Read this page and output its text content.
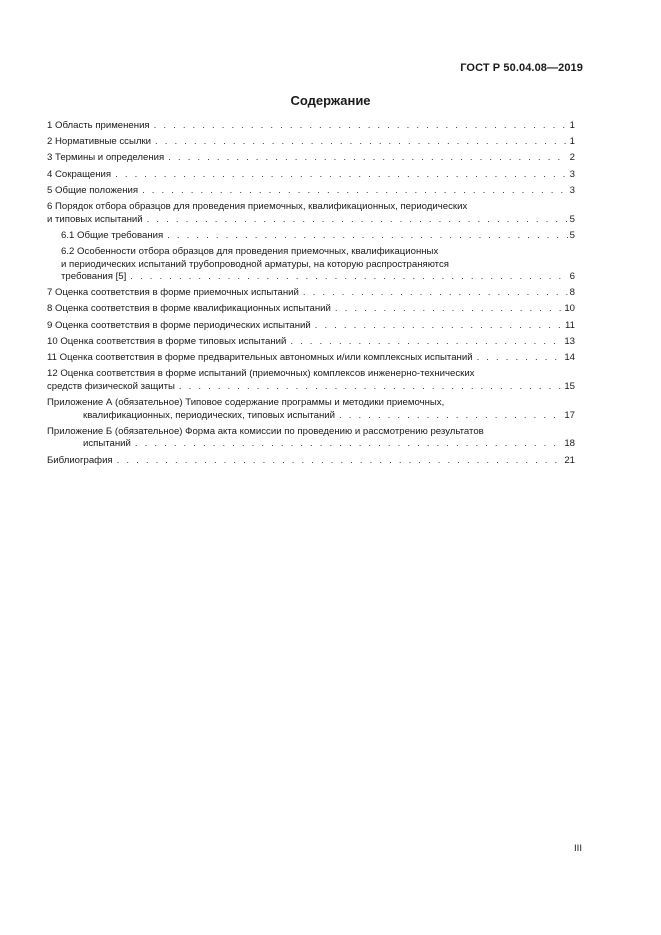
ГОСТ Р 50.04.08—2019
Содержание
1 Область применения . . .	1
2 Нормативные ссылки . . .	1
3 Термины и определения . . .	2
4 Сокращения . . .	3
5 Общие положения . . .	3
6 Порядок отбора образцов для проведения приемочных, квалификационных, периодических
и типовых испытаний . . .	5
6.1 Общие требования . . .	5
6.2 Особенности отбора образцов для проведения приемочных, квалификационных
и периодических испытаний трубопроводной арматуры, на которую распространяются
требования [5] . . .	6
7 Оценка соответствия в форме приемочных испытаний . . .	8
8 Оценка соответствия в форме квалификационных испытаний . . .	10
9 Оценка соответствия в форме периодических испытаний . . .	11
10 Оценка соответствия в форме типовых испытаний . . .	13
11 Оценка соответствия в форме предварительных автономных и/или комплексных испытаний . . .	14
12 Оценка соответствия в форме испытаний (приемочных) комплексов инженерно-технических
средств физической защиты . . .	15
Приложение А (обязательное) Типовое содержание программы и методики приемочных,
квалификационных, периодических, типовых испытаний . . .	17
Приложение Б (обязательное) Форма акта комиссии по проведению и рассмотрению результатов
испытаний . . .	18
Библиография . . .	21
III
